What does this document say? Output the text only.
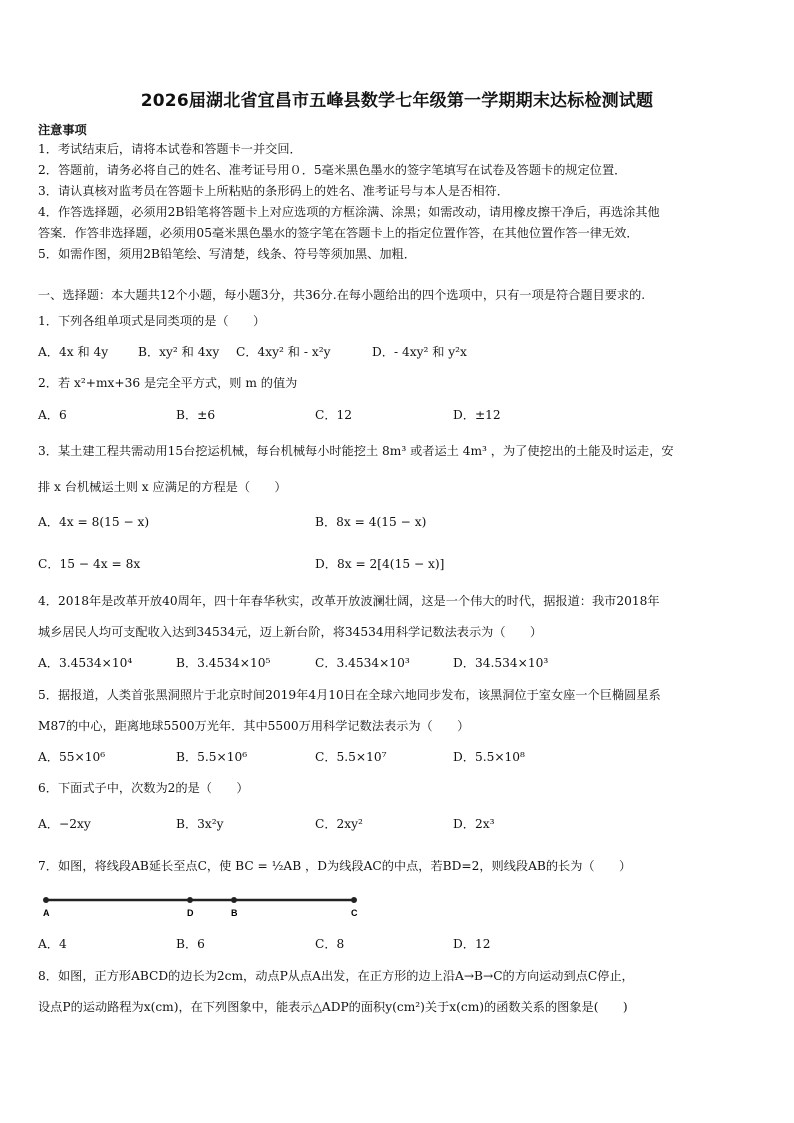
2026届湖北省宜昌市五峰县数学七年级第一学期期末达标检测试题
注意事项
1．考试结束后，请将本试卷和答题卡一并交回．
2．答题前，请务必将自己的姓名、准考证号用０．5毫米黑色墨水的签字笔填写在试卷及答题卡的规定位置．
3．请认真核对监考员在答题卡上所粘贴的条形码上的姓名、准考证号与本人是否相符．
4．作答选择题，必须用2B铅笔将答题卡上对应选项的方框涂满、涂黑；如需改动，请用橡皮擦干净后，再选涂其他
答案．作答非选择题，必须用05毫米黑色墨水的签字笔在答题卡上的指定位置作答，在其他位置作答一律无效．
5．如需作图，须用2B铅笔绘、写清楚，线条、符号等须加黑、加粗．
一、选择题：本大题共12个小题，每小题3分，共36分.在每小题给出的四个选项中，只有一项是符合题目要求的.
1．下列各组单项式是同类项的是（　　）
A．4x 和 4y B．xy² 和 4xy C．4xy² 和 - x²y	D．- 4xy² 和 y²x
2．若 x²+mx+36 是完全平方式，则 m 的值为
A．6	B．±6	C．12	D．±12
3．某土建工程共需动用15台挖运机械，每台机械每小时能挖土 8m³ 或者运土 4m³ ，为了使挖出的土能及时运走，安
排 x 台机械运土则 x 应满足的方程是（　　）
A．4x = 8(15 − x)	B．8x = 4(15 − x)
C．15 − 4x = 8x	D．8x = 2[4(15 − x)]
4．2018年是改革开放40周年，四十年春华秋实，改革开放波澜壮阔，这是一个伟大的时代，据报道：我市2018年
城乡居民人均可支配收入达到34534元，迈上新台阶，将34534用科学记数法表示为（　　）
A．3.4534×10⁴	B．3.4534×10⁵	C．3.4534×10³	D．34.534×10³
5．据报道，人类首张黑洞照片于北京时间2019年4月10日在全球六地同步发布，该黑洞位于室女座一个巨椭圆星系
M87的中心，距离地球5500万光年．其中5500万用科学记数法表示为（　　）
A．55×10⁶	B．5.5×10⁶	C．5.5×10⁷	D．5.5×10⁸
6．下面式子中，次数为2的是（　　）
A．−2xy	B．3x²y	C．2xy²	D．2x³
7．如图，将线段AB延长至点C，使 BC = ½AB ，D为线段AC的中点，若BD=2，则线段AB的长为（　　）
A	D	B	C
A．4	B．6	C．8	D．12
8．如图，正方形ABCD的边长为2cm，动点P从点A出发，在正方形的边上沿A→B→C的方向运动到点C停止，
设点P的运动路程为x(cm)，在下列图象中，能表示△ADP的面积y(cm²)关于x(cm)的函数关系的图象是(　　)
